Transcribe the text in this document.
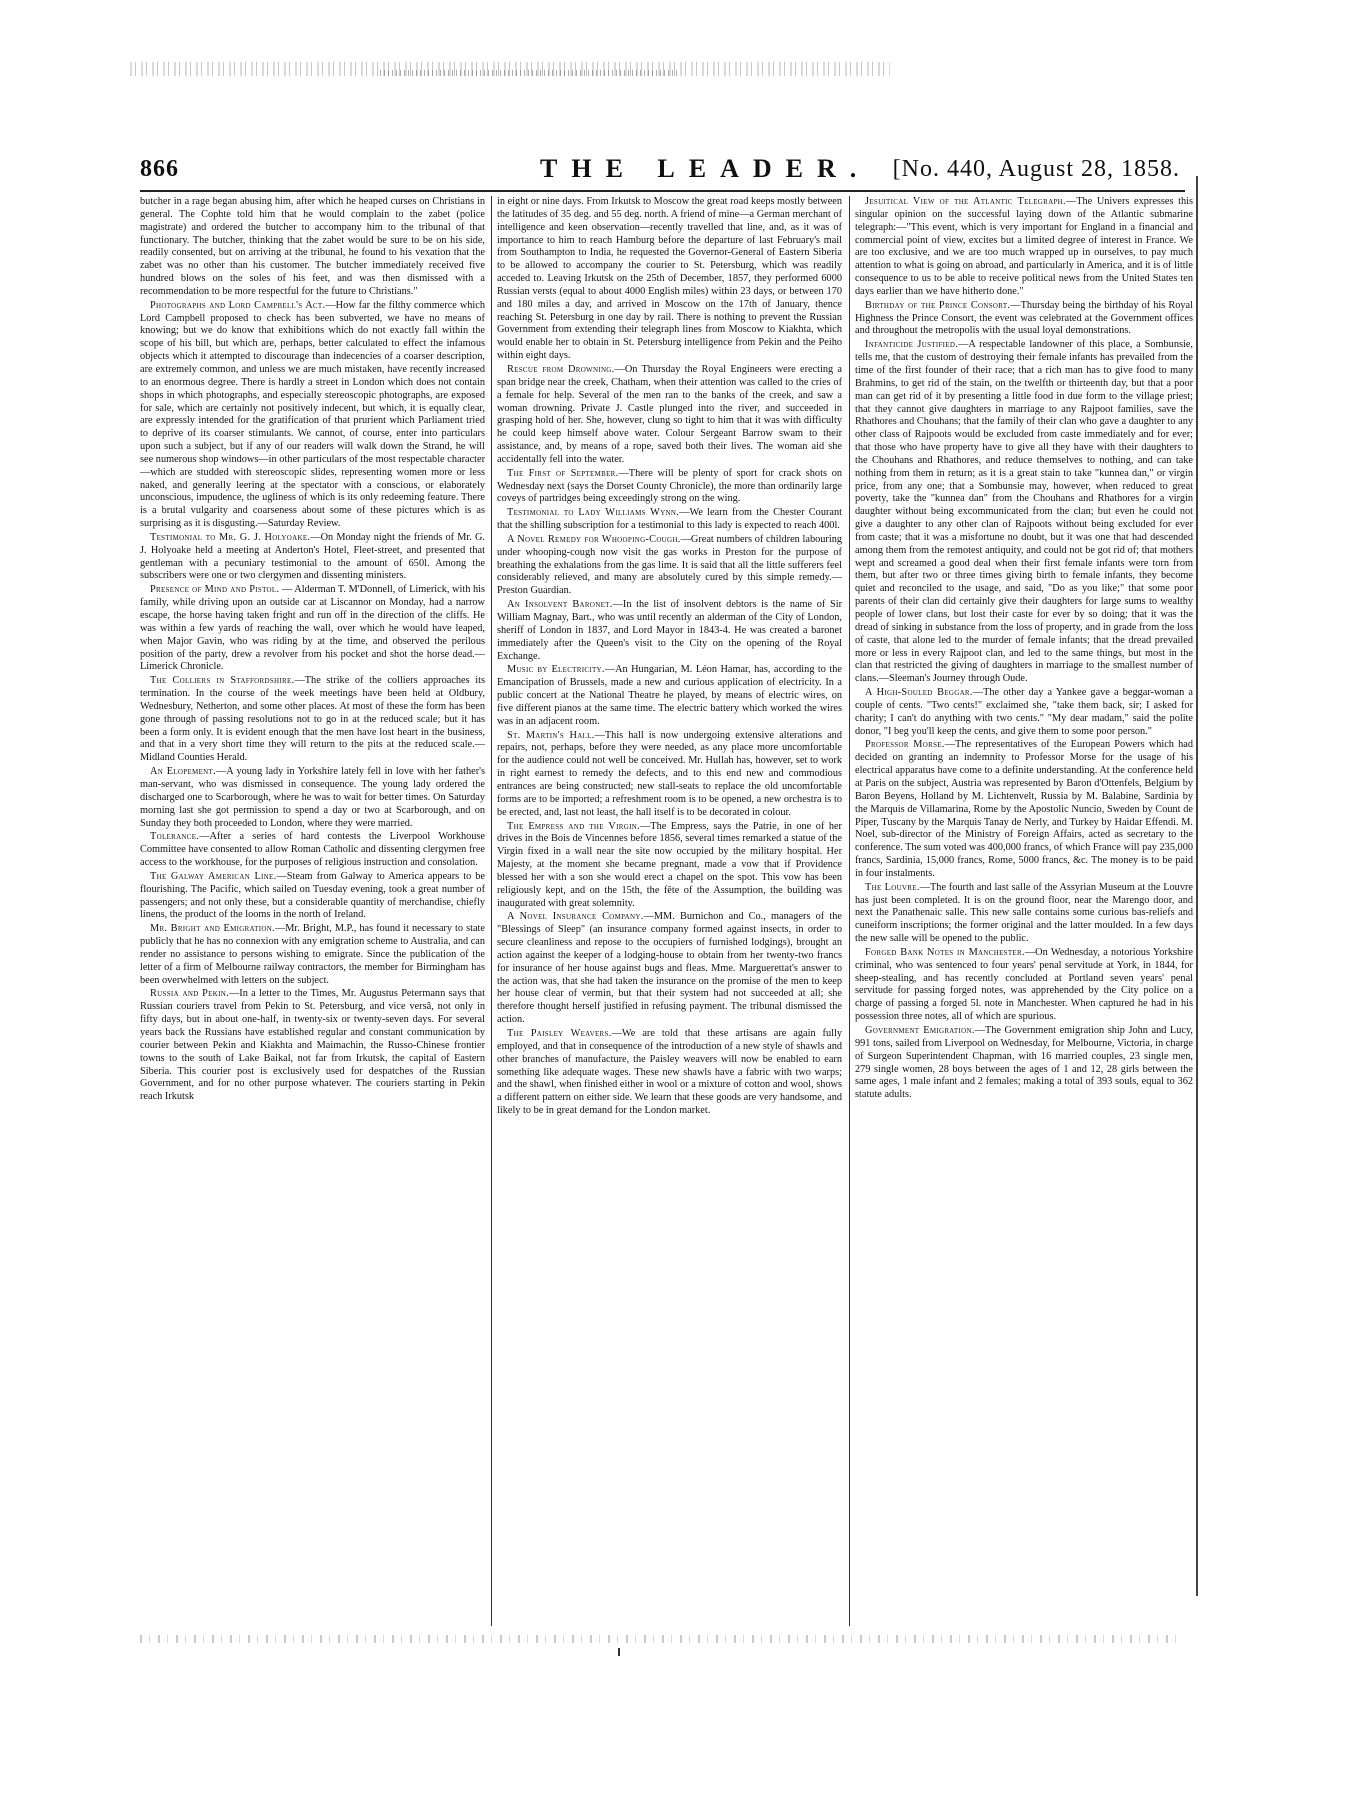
866	THE LEADER. [No. 440, August 28, 1858.

butcher in a rage began abusing him, after which he heaped curses on Christians in general. The Cophte told him that he would complain to the zabet (police magistrate) and ordered the butcher to accompany him to the tribunal of that functionary. The butcher, thinking that the zabet would be sure to be on his side, readily consented, but on arriving at the tribunal, he found to his vexation that the zabet was no other than his customer. The butcher immediately received five hundred blows on the soles of his feet, and was then dismissed with a recommendation to be more respectful for the future to Christians."

Photographs and Lord Campbell's Act.—How far the filthy commerce which Lord Campbell proposed to check has been subverted, we have no means of knowing; but we do know that exhibitions which do not exactly fall within the scope of his bill, but which are, perhaps, better calculated to effect the infamous objects which it attempted to discourage than indecencies of a coarser description, are extremely common, and unless we are much mistaken, have recently increased to an enormous degree. There is hardly a street in London which does not contain shops in which photographs, and especially stereoscopic photographs, are exposed for sale, which are certainly not positively indecent, but which, it is equally clear, are expressly intended for the gratification of that prurient which Parliament tried to deprive of its coarser stimulants. We cannot, of course, enter into particulars upon such a subject, but if any of our readers will walk down the Strand, he will see numerous shop windows—in other particulars of the most respectable character—which are studded with stereoscopic slides, representing women more or less naked, and generally leering at the spectator with a conscious, or elaborately unconscious, impudence, the ugliness of which is its only redeeming feature. There is a brutal vulgarity and coarseness about some of these pictures which is as surprising as it is disgusting.—Saturday Review.

Testimonial to Mr. G. J. Holyoake.—On Monday night the friends of Mr. G. J. Holyoake held a meeting at Anderton's Hotel, Fleet-street, and presented that gentleman with a pecuniary testimonial to the amount of 650l. Among the subscribers were one or two clergymen and dissenting ministers.

Presence of Mind and Pistol. — Alderman T. M'Donnell, of Limerick, with his family, while driving upon an outside car at Liscannor on Monday, had a narrow escape, the horse having taken fright and run off in the direction of the cliffs. He was within a few yards of reaching the wall, over which he would have leaped, when Major Gavin, who was riding by at the time, and observed the perilous position of the party, drew a revolver from his pocket and shot the horse dead.—Limerick Chronicle.

The Colliers in Staffordshire.—The strike of the colliers approaches its termination. In the course of the week meetings have been held at Oldbury, Wednesbury, Netherton, and some other places. At most of these the form has been gone through of passing resolutions not to go in at the reduced scale; but it has been a form only. It is evident enough that the men have lost heart in the business, and that in a very short time they will return to the pits at the reduced scale.—Midland Counties Herald.

An Elopement.—A young lady in Yorkshire lately fell in love with her father's man-servant, who was dismissed in consequence. The young lady ordered the discharged one to Scarborough, where he was to wait for better times. On Saturday morning last she got permission to spend a day or two at Scarborough, and on Sunday they both proceeded to London, where they were married.

Tolerance.—After a series of hard contests the Liverpool Workhouse Committee have consented to allow Roman Catholic and dissenting clergymen free access to the workhouse, for the purposes of religious instruction and consolation.

The Galway American Line.—Steam from Galway to America appears to be flourishing. The Pacific, which sailed on Tuesday evening, took a great number of passengers; and not only these, but a considerable quantity of merchandise, chiefly linens, the product of the looms in the north of Ireland.

Mr. Bright and Emigration.—Mr. Bright, M.P., has found it necessary to state publicly that he has no connexion with any emigration scheme to Australia, and can render no assistance to persons wishing to emigrate. Since the publication of the letter of a firm of Melbourne railway contractors, the member for Birmingham has been overwhelmed with letters on the subject.

Russia and Pekin.—In a letter to the Times, Mr. Augustus Petermann says that Russian couriers travel from Pekin to St. Petersburg, and vice versâ, not only in fifty days, but in about one-half, in twenty-six or twenty-seven days. For several years back the Russians have established regular and constant communication by courier between Pekin and Kiakhta and Maimachin, the Russo-Chinese frontier towns to the south of Lake Baikal, not far from Irkutsk, the capital of Eastern Siberia. This courier post is exclusively used for despatches of the Russian Government, and for no other purpose whatever. The couriers starting in Pekin reach Irkutsk

in eight or nine days. From Irkutsk to Moscow the great road keeps mostly between the latitudes of 35 deg. and 55 deg. north. A friend of mine—a German merchant of intelligence and keen observation—recently travelled that line, and, as it was of importance to him to reach Hamburg before the departure of last February's mail from Southampton to India, he requested the Governor-General of Eastern Siberia to be allowed to accompany the courier to St. Petersburg, which was readily acceded to. Leaving Irkutsk on the 25th of December, 1857, they performed 6000 Russian versts (equal to about 4000 English miles) within 23 days, or between 170 and 180 miles a day, and arrived in Moscow on the 17th of January, thence reaching St. Petersburg in one day by rail. There is nothing to prevent the Russian Government from extending their telegraph lines from Moscow to Kiakhta, which would enable her to obtain in St. Petersburg intelligence from Pekin and the Peiho within eight days.

Rescue from Drowning.—On Thursday the Royal Engineers were erecting a span bridge near the creek, Chatham, when their attention was called to the cries of a female for help. Several of the men ran to the banks of the creek, and saw a woman drowning. Private J. Castle plunged into the river, and succeeded in grasping hold of her. She, however, clung so tight to him that it was with difficulty he could keep himself above water. Colour Sergeant Barrow swam to their assistance, and, by means of a rope, saved both their lives. The woman aid she accidentally fell into the water.

The First of September.—There will be plenty of sport for crack shots on Wednesday next (says the Dorset County Chronicle), the more than ordinarily large coveys of partridges being exceedingly strong on the wing.

Testimonial to Lady Williams Wynn.—We learn from the Chester Courant that the shilling subscription for a testimonial to this lady is expected to reach 400l.

A Novel Remedy for Whooping-Cough.—Great numbers of children labouring under whooping-cough now visit the gas works in Preston for the purpose of breathing the exhalations from the gas lime. It is said that all the little sufferers feel considerably relieved, and many are absolutely cured by this simple remedy.—Preston Guardian.

An Insolvent Baronet.—In the list of insolvent debtors is the name of Sir William Magnay, Bart., who was until recently an alderman of the City of London, sheriff of London in 1837, and Lord Mayor in 1843-4. He was created a baronet immediately after the Queen's visit to the City on the opening of the Royal Exchange.

Music by Electricity.—An Hungarian, M. Léon Hamar, has, according to the Emancipation of Brussels, made a new and curious application of electricity. In a public concert at the National Theatre he played, by means of electric wires, on five different pianos at the same time. The electric battery which worked the wires was in an adjacent room.

St. Martin's Hall.—This hall is now undergoing extensive alterations and repairs, not, perhaps, before they were needed, as any place more uncomfortable for the audience could not well be conceived. Mr. Hullah has, however, set to work in right earnest to remedy the defects, and to this end new and commodious entrances are being constructed; new stall-seats to replace the old uncomfortable forms are to be imported; a refreshment room is to be opened, a new orchestra is to be erected, and, last not least, the hall itself is to be decorated in colour.

The Empress and the Virgin.—The Empress, says the Patrie, in one of her drives in the Bois de Vincennes before 1856, several times remarked a statue of the Virgin fixed in a wall near the site now occupied by the military hospital. Her Majesty, at the moment she became pregnant, made a vow that if Providence blessed her with a son she would erect a chapel on the spot. This vow has been religiously kept, and on the 15th, the fête of the Assumption, the building was inaugurated with great solemnity.

A Novel Insurance Company.—MM. Burnichon and Co., managers of the "Blessings of Sleep" (an insurance company formed against insects, in order to secure cleanliness and repose to the occupiers of furnished lodgings), brought an action against the keeper of a lodging-house to obtain from her twenty-two francs for insurance of her house against bugs and fleas. Mme. Marguerettat's answer to the action was, that she had taken the insurance on the promise of the men to keep her house clear of vermin, but that their system had not succeeded at all; she therefore thought herself justified in refusing payment. The tribunal dismissed the action.

The Paisley Weavers.—We are told that these artisans are again fully employed, and that in consequence of the introduction of a new style of shawls and other branches of manufacture, the Paisley weavers will now be enabled to earn something like adequate wages. These new shawls have a fabric with two warps; and the shawl, when finished either in wool or a mixture of cotton and wool, shows a different pattern on either side. We learn that these goods are very handsome, and likely to be in great demand for the London market.

Jesuitical View of the Atlantic Telegraph.—The Univers expresses this singular opinion on the successful laying down of the Atlantic submarine telegraph:—"This event, which is very important for England in a financial and commercial point of view, excites but a limited degree of interest in France. We are too exclusive, and we are too much wrapped up in ourselves, to pay much attention to what is going on abroad, and particularly in America, and it is of little consequence to us to be able to receive political news from the United States ten days earlier than we have hitherto done."

Birthday of the Prince Consort.—Thursday being the birthday of his Royal Highness the Prince Consort, the event was celebrated at the Government offices and throughout the metropolis with the usual loyal demonstrations.

Infanticide Justified.—A respectable landowner of this place, a Sombunsie, tells me, that the custom of destroying their female infants has prevailed from the time of the first founder of their race; that a rich man has to give food to many Brahmins, to get rid of the stain, on the twelfth or thirteenth day, but that a poor man can get rid of it by presenting a little food in due form to the village priest; that they cannot give daughters in marriage to any Rajpoot families, save the Rhathores and Chouhans; that the family of their clan who gave a daughter to any other class of Rajpoots would be excluded from caste immediately and for ever; that those who have property have to give all they have with their daughters to the Chouhans and Rhathores, and reduce themselves to nothing, and can take nothing from them in return; as it is a great stain to take "kunnea dan," or virgin price, from any one; that a Sombunsie may, however, when reduced to great poverty, take the "kunnea dan" from the Chouhans and Rhathores for a virgin daughter without being excommunicated from the clan; but even he could not give a daughter to any other clan of Rajpoots without being excluded for ever from caste; that it was a misfortune no doubt, but it was one that had descended among them from the remotest antiquity, and could not be got rid of; that mothers wept and screamed a good deal when their first female infants were torn from them, but after two or three times giving birth to female infants, they become quiet and reconciled to the usage, and said, "Do as you like;" that some poor parents of their clan did certainly give their daughters for large sums to wealthy people of lower clans, but lost their caste for ever by so doing; that it was the dread of sinking in substance from the loss of property, and in grade from the loss of caste, that alone led to the murder of female infants; that the dread prevailed more or less in every Rajpoot clan, and led to the same things, but most in the clan that restricted the giving of daughters in marriage to the smallest number of clans.—Sleeman's Journey through Oude.

A High-Souled Beggar.—The other day a Yankee gave a beggar-woman a couple of cents. "Two cents!" exclaimed she, "take them back, sir; I asked for charity; I can't do anything with two cents." "My dear madam," said the polite donor, "I beg you'll keep the cents, and give them to some poor person."

Professor Morse.—The representatives of the European Powers which had decided on granting an indemnity to Professor Morse for the usage of his electrical apparatus have come to a definite understanding. At the conference held at Paris on the subject, Austria was represented by Baron d'Ottenfels, Belgium by Baron Beyens, Holland by M. Lichtenvelt, Russia by M. Balabine, Sardinia by the Marquis de Villamarina, Rome by the Apostolic Nuncio, Sweden by Count de Piper, Tuscany by the Marquis Tanay de Nerly, and Turkey by Haidar Effendi. M. Noel, sub-director of the Ministry of Foreign Affairs, acted as secretary to the conference. The sum voted was 400,000 francs, of which France will pay 235,000 francs, Sardinia, 15,000 francs, Rome, 5000 francs, &c. The money is to be paid in four instalments.

The Louvre.—The fourth and last salle of the Assyrian Museum at the Louvre has just been completed. It is on the ground floor, near the Marengo door, and next the Panathenaic salle. This new salle contains some curious bas-reliefs and cuneiform inscriptions; the former original and the latter moulded. In a few days the new salle will be opened to the public.

Forged Bank Notes in Manchester.—On Wednesday, a notorious Yorkshire criminal, who was sentenced to four years' penal servitude at York, in 1844, for sheep-stealing, and has recently concluded at Portland seven years' penal servitude for passing forged notes, was apprehended by the City police on a charge of passing a forged 5l. note in Manchester. When captured he had in his possession three notes, all of which are spurious.

Government Emigration.—The Government emigration ship John and Lucy, 991 tons, sailed from Liverpool on Wednesday, for Melbourne, Victoria, in charge of Surgeon Superintendent Chapman, with 16 married couples, 23 single men, 279 single women, 28 boys between the ages of 1 and 12, 28 girls between the same ages, 1 male infant and 2 females; making a total of 393 souls, equal to 362 statute adults.
